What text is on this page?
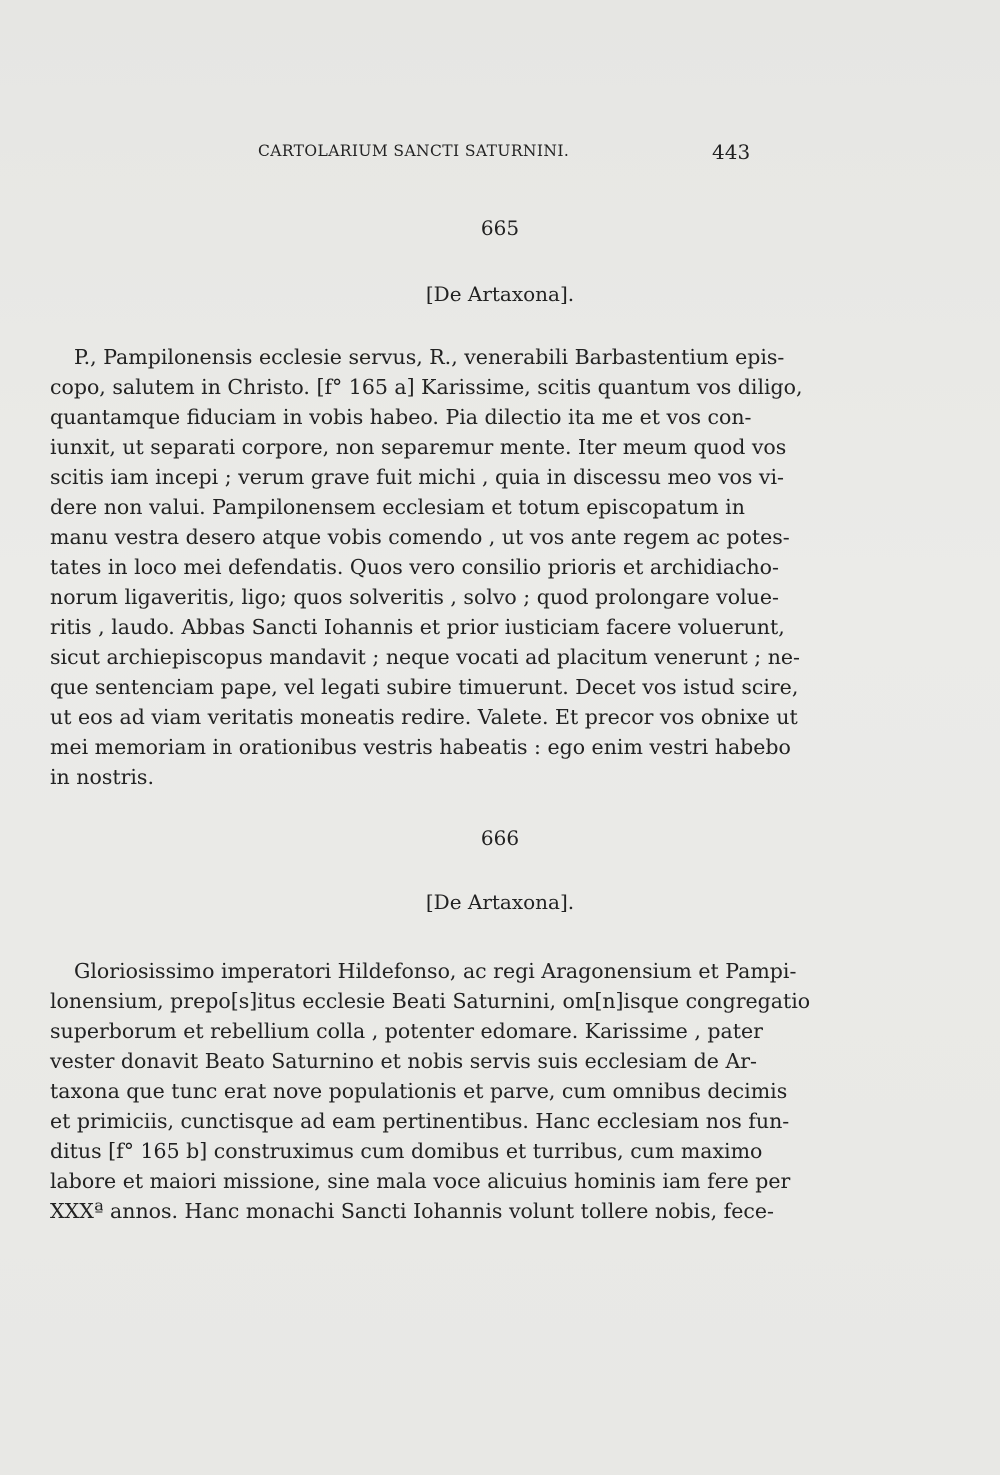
CARTOLARIUM SANCTI SATURNINI.	443
665
[De Artaxona].
P., Pampilonensis ecclesie servus, R., venerabili Barbastentium epis-
copo, salutem in Christo. [f° 165 a] Karissime, scitis quantum vos diligo,
quantamque fiduciam in vobis habeo. Pia dilectio ita me et vos con-
iunxit, ut separati corpore, non separemur mente. Iter meum quod vos
scitis iam incepi ; verum grave fuit michi , quia in discessu meo vos vi-
dere non valui. Pampilonensem ecclesiam et totum episcopatum in
manu vestra desero atque vobis comendo , ut vos ante regem ac potes-
tates in loco mei defendatis. Quos vero consilio prioris et archidiacho-
norum ligaveritis, ligo; quos solveritis , solvo ; quod prolongare volue-
ritis , laudo. Abbas Sancti Iohannis et prior iusticiam facere voluerunt,
sicut archiepiscopus mandavit ; neque vocati ad placitum venerunt ; ne-
que sentenciam pape, vel legati subire timuerunt. Decet vos istud scire,
ut eos ad viam veritatis moneatis redire. Valete. Et precor vos obnixe ut
mei memoriam in orationibus vestris habeatis : ego enim vestri habebo
in nostris.
666
[De Artaxona].
Gloriosissimo imperatori Hildefonso, ac regi Aragonensium et Pampi-
lonensium, prepo[s]itus ecclesie Beati Saturnini, om[n]isque congregatio
superborum et rebellium colla , potenter edomare. Karissime , pater
vester donavit Beato Saturnino et nobis servis suis ecclesiam de Ar-
taxona que tunc erat nove populationis et parve, cum omnibus decimis
et primiciis, cunctisque ad eam pertinentibus. Hanc ecclesiam nos fun-
ditus [f° 165 b] construximus cum domibus et turribus, cum maximo
labore et maiori missione, sine mala voce alicuius hominis iam fere per
XXXª annos. Hanc monachi Sancti Iohannis volunt tollere nobis, fece-
